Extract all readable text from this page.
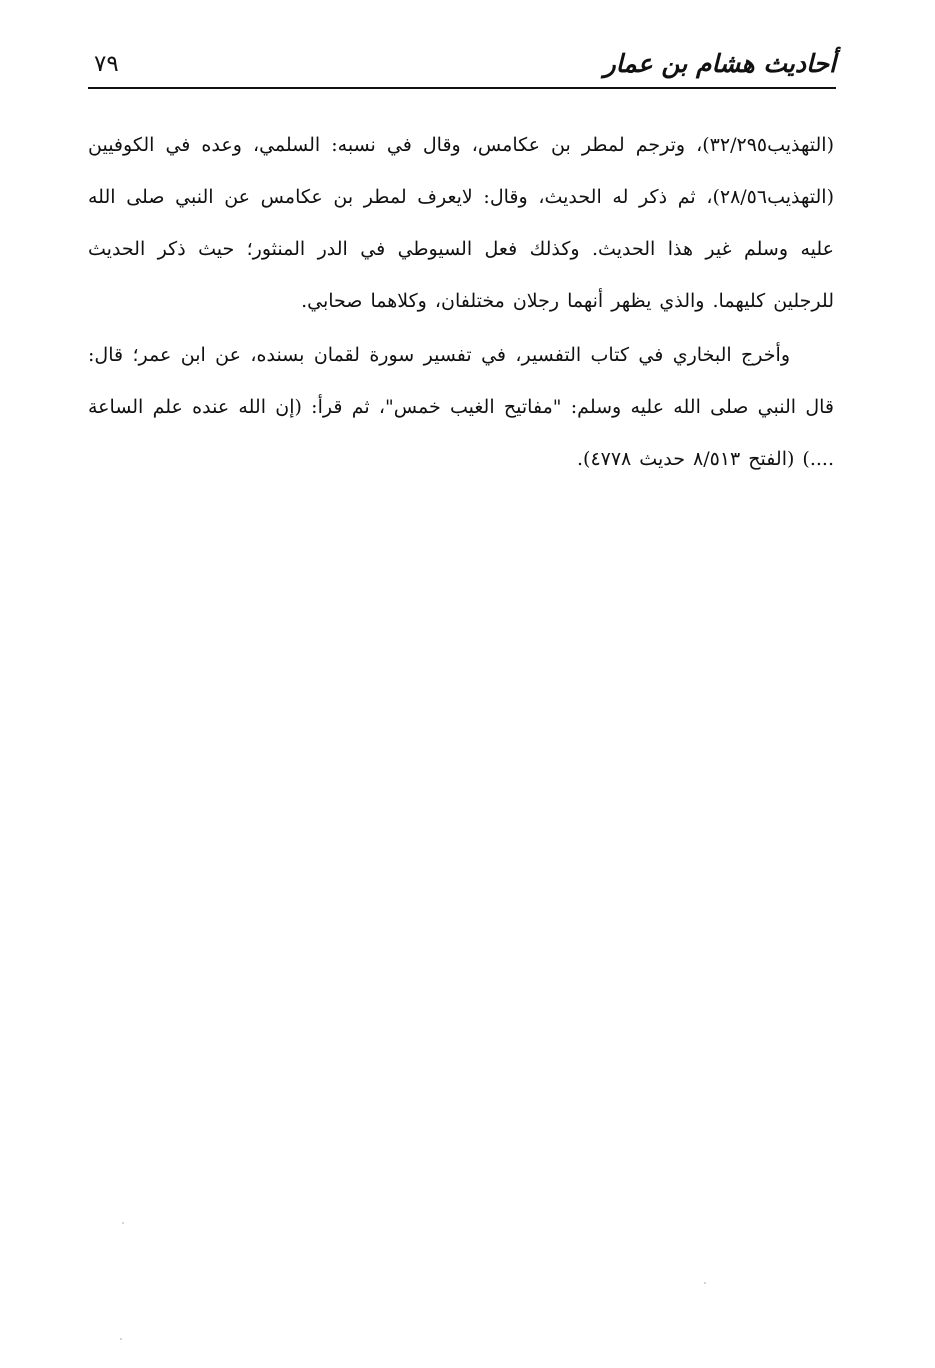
أحاديث هشام بن عمار
٧٩

(التهذيب٣٢/٢٩٥)، وترجم لمطر بن عكامس، وقال في نسبه: السلمي، وعده في الكوفيين (التهذيب٢٨/٥٦)، ثم ذكر له الحديث، وقال: لايعرف لمطر بن عكامس عن النبي صلى الله عليه وسلم غير هذا الحديث. وكذلك فعل السيوطي في الدر المنثور؛ حيث ذكر الحديث للرجلين كليهما. والذي يظهر أنهما رجلان مختلفان، وكلاهما صحابي.

وأخرج البخاري في كتاب التفسير، في تفسير سورة لقمان بسنده، عن ابن عمر؛ قال: قال النبي صلى الله عليه وسلم: "مفاتيح الغيب خمس"، ثم قرأ: (إن الله عنده علم الساعة ....) (الفتح ٨/٥١٣ حديث ٤٧٧٨).
